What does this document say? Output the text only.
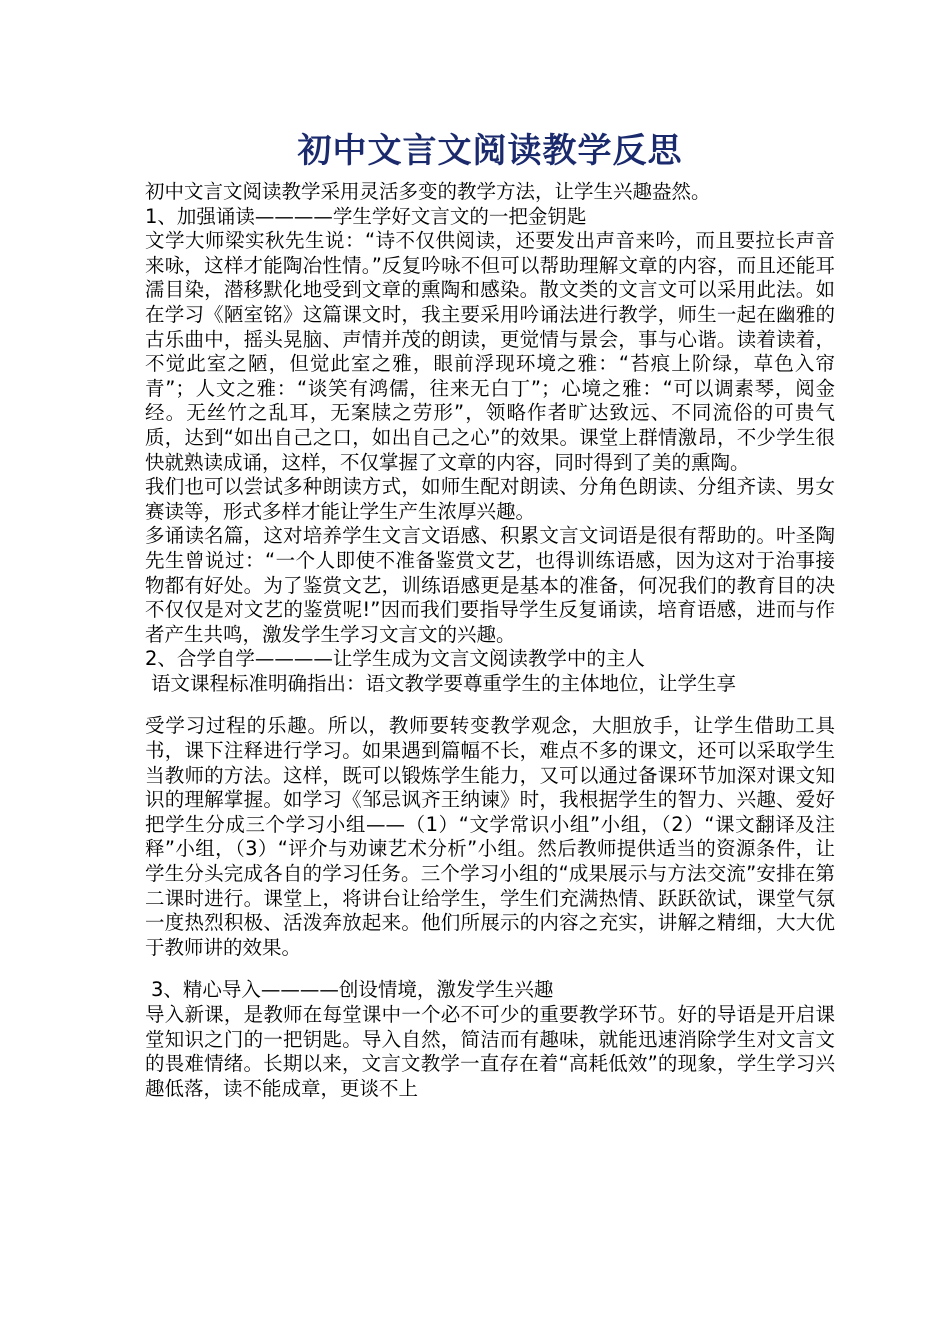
初中文言文阅读教学反思

初中文言文阅读教学采用灵活多变的教学方法，让学生兴趣盎然。

1、加强诵读————学生学好文言文的一把金钥匙

文学大师梁实秋先生说：“诗不仅供阅读，还要发出声音来吟，而且要拉长声音来咏，这样才能陶冶性情。”反复吟咏不但可以帮助理解文章的内容，而且还能耳濡目染，潜移默化地受到文章的熏陶和感染。散文类的文言文可以采用此法。如在学习《陋室铭》这篇课文时，我主要采用吟诵法进行教学，师生一起在幽雅的古乐曲中，摇头晃脑、声情并茂的朗读，更觉情与景会，事与心谐。读着读着，不觉此室之陋，但觉此室之雅，眼前浮现环境之雅：“苔痕上阶绿，草色入帘青”；人文之雅：“谈笑有鸿儒，往来无白丁”；心境之雅：“可以调素琴，阅金经。无丝竹之乱耳，无案牍之劳形”，领略作者旷达致远、不同流俗的可贵气质，达到“如出自己之口，如出自己之心”的效果。课堂上群情激昂，不少学生很快就熟读成诵，这样，不仅掌握了文章的内容，同时得到了美的熏陶。

我们也可以尝试多种朗读方式，如师生配对朗读、分角色朗读、分组齐读、男女赛读等，形式多样才能让学生产生浓厚兴趣。

多诵读名篇，这对培养学生文言文语感、积累文言文词语是很有帮助的。叶圣陶先生曾说过：“一个人即使不准备鉴赏文艺，也得训练语感，因为这对于治事接物都有好处。为了鉴赏文艺，训练语感更是基本的准备，何况我们的教育目的决不仅仅是对文艺的鉴赏呢!”因而我们要指导学生反复诵读，培育语感，进而与作者产生共鸣，激发学生学习文言文的兴趣。

2、合学自学————让学生成为文言文阅读教学中的主人

语文课程标准明确指出：语文教学要尊重学生的主体地位，让学生享

受学习过程的乐趣。所以，教师要转变教学观念，大胆放手，让学生借助工具书，课下注释进行学习。如果遇到篇幅不长，难点不多的课文，还可以采取学生当教师的方法。这样，既可以锻炼学生能力，又可以通过备课环节加深对课文知识的理解掌握。如学习《邹忌讽齐王纳谏》时，我根据学生的智力、兴趣、爱好把学生分成三个学习小组——（1）“文学常识小组”小组，（2）“课文翻译及注释”小组，（3）“评介与劝谏艺术分析”小组。然后教师提供适当的资源条件，让学生分头完成各自的学习任务。三个学习小组的“成果展示与方法交流”安排在第二课时进行。课堂上，将讲台让给学生，学生们充满热情、跃跃欲试，课堂气氛一度热烈积极、活泼奔放起来。他们所展示的内容之充实，讲解之精细，大大优于教师讲的效果。

3、精心导入————创设情境，激发学生兴趣

导入新课，是教师在每堂课中一个必不可少的重要教学环节。好的导语是开启课堂知识之门的一把钥匙。导入自然，简洁而有趣味，就能迅速消除学生对文言文的畏难情绪。长期以来，文言文教学一直存在着“高耗低效”的现象，学生学习兴趣低落，读不能成章，更谈不上
